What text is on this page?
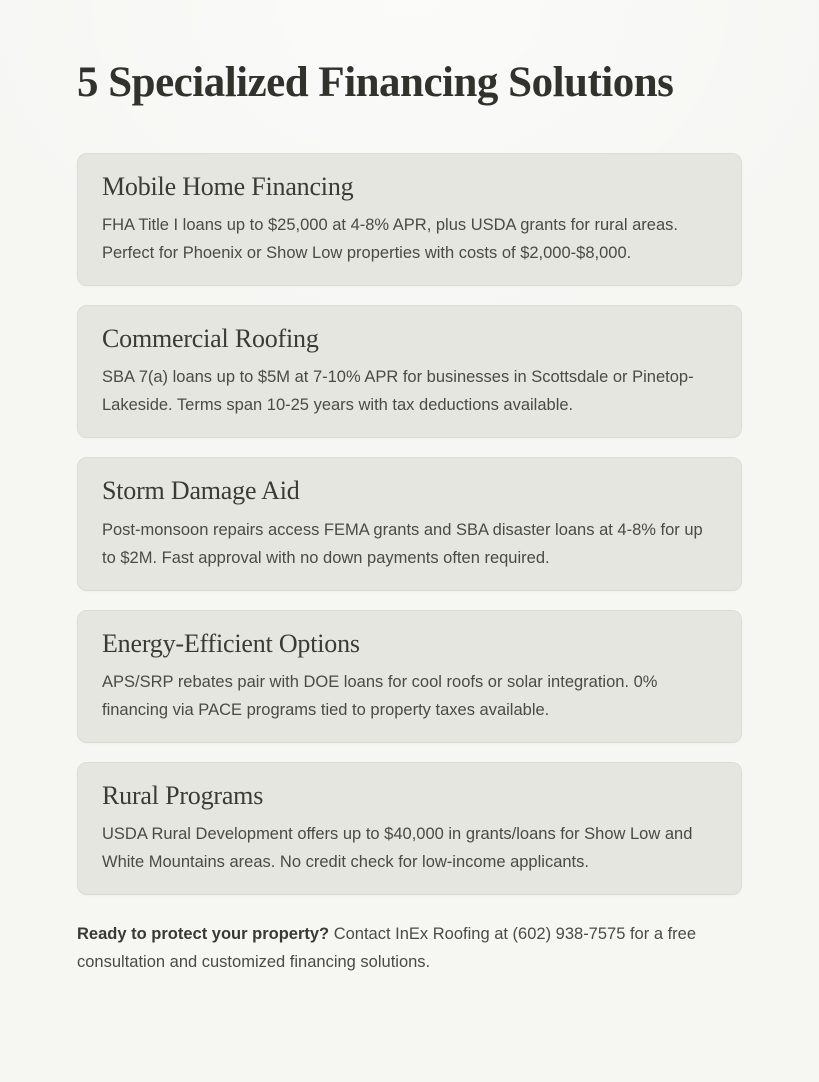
5 Specialized Financing Solutions
Mobile Home Financing

FHA Title I loans up to $25,000 at 4-8% APR, plus USDA grants for rural areas. Perfect for Phoenix or Show Low properties with costs of $2,000-$8,000.

Commercial Roofing

SBA 7(a) loans up to $5M at 7-10% APR for businesses in Scottsdale or Pinetop-Lakeside. Terms span 10-25 years with tax deductions available.

Storm Damage Aid

Post-monsoon repairs access FEMA grants and SBA disaster loans at 4-8% for up to $2M. Fast approval with no down payments often required.

Energy-Efficient Options

APS/SRP rebates pair with DOE loans for cool roofs or solar integration. 0% financing via PACE programs tied to property taxes available.

Rural Programs

USDA Rural Development offers up to $40,000 in grants/loans for Show Low and White Mountains areas. No credit check for low-income applicants.

Ready to protect your property? Contact InEx Roofing at (602) 938-7575 for a free consultation and customized financing solutions.
